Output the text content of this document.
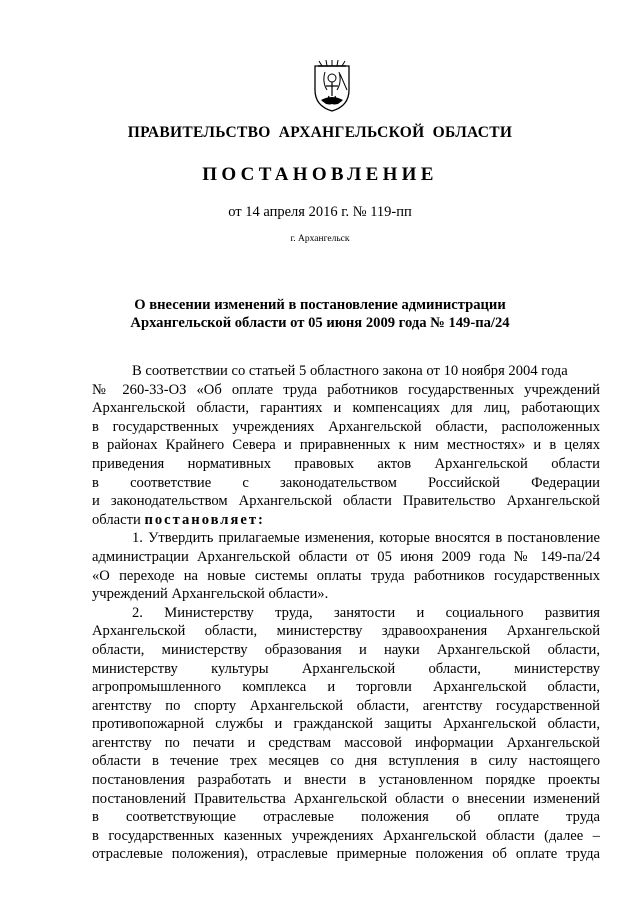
ПРАВИТЕЛЬСТВО АРХАНГЕЛЬСКОЙ ОБЛАСТИ
ПОСТАНОВЛЕНИЕ
от 14 апреля 2016 г. № 119-пп
г. Архангельск
О внесении изменений в постановление администрации
Архангельской области от 05 июня 2009 года № 149-па/24
В соответствии со статьей 5 областного закона от 10 ноября 2004 года
№ 260-33-ОЗ «Об оплате труда работников государственных учреждений
Архангельской области, гарантиях и компенсациях для лиц, работающих
в государственных учреждениях Архангельской области, расположенных
в районах Крайнего Севера и приравненных к ним местностях» и в целях
приведения нормативных правовых актов Архангельской области
в соответствие с законодательством Российской Федерации
и законодательством Архангельской области Правительство Архангельской
области постановляет:
1. Утвердить прилагаемые изменения, которые вносятся в постановление
администрации Архангельской области от 05 июня 2009 года № 149-па/24
«О переходе на новые системы оплаты труда работников государственных
учреждений Архангельской области».
2. Министерству труда, занятости и социального развития
Архангельской области, министерству здравоохранения Архангельской
области, министерству образования и науки Архангельской области,
министерству культуры Архангельской области, министерству
агропромышленного комплекса и торговли Архангельской области,
агентству по спорту Архангельской области, агентству государственной
противопожарной службы и гражданской защиты Архангельской области,
агентству по печати и средствам массовой информации Архангельской
области в течение трех месяцев со дня вступления в силу настоящего
постановления разработать и внести в установленном порядке проекты
постановлений Правительства Архангельской области о внесении изменений
в соответствующие отраслевые положения об оплате труда
в государственных казенных учреждениях Архангельской области (далее –
отраслевые положения), отраслевые примерные положения об оплате труда
